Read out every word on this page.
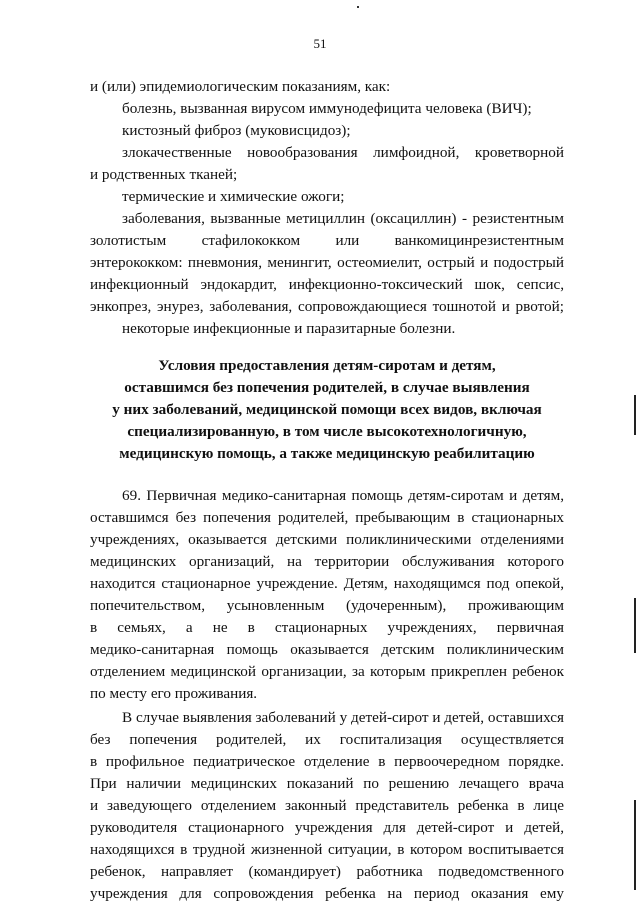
51
и (или) эпидемиологическим показаниям, как:
болезнь, вызванная вирусом иммунодефицита человека (ВИЧ);
кистозный фиброз (муковисцидоз);
злокачественные новообразования лимфоидной, кроветворной
и родственных тканей;
термические и химические ожоги;
заболевания, вызванные метициллин (оксациллин) - резистентным
золотистым стафилококком или ванкомицинрезистентным
энтерококком: пневмония, менингит, остеомиелит, острый и подострый
инфекционный эндокардит, инфекционно-токсический шок, сепсис,
энкопрез, энурез, заболевания, сопровождающиеся тошнотой и рвотой;
некоторые инфекционные и паразитарные болезни.
Условия предоставления детям-сиротам и детям,
оставшимся без попечения родителей, в случае выявления
у них заболеваний, медицинской помощи всех видов, включая
специализированную, в том числе высокотехнологичную,
медицинскую помощь, а также медицинскую реабилитацию
69. Первичная медико-санитарная помощь детям-сиротам и детям,
оставшимся без попечения родителей, пребывающим в стационарных
учреждениях, оказывается детскими поликлиническими отделениями
медицинских организаций, на территории обслуживания которого
находится стационарное учреждение. Детям, находящимся под опекой,
попечительством, усыновленным (удочеренным), проживающим
в семьях, а не в стационарных учреждениях, первичная
медико-санитарная помощь оказывается детским поликлиническим
отделением медицинской организации, за которым прикреплен ребенок
по месту его проживания.
В случае выявления заболеваний у детей-сирот и детей, оставшихся
без попечения родителей, их госпитализация осуществляется
в профильное педиатрическое отделение в первоочередном порядке.
При наличии медицинских показаний по решению лечащего врача
и заведующего отделением законный представитель ребенка в лице
руководителя стационарного учреждения для детей-сирот и детей,
находящихся в трудной жизненной ситуации, в котором воспитывается
ребенок, направляет (командирует) работника подведомственного
учреждения для сопровождения ребенка на период оказания ему
